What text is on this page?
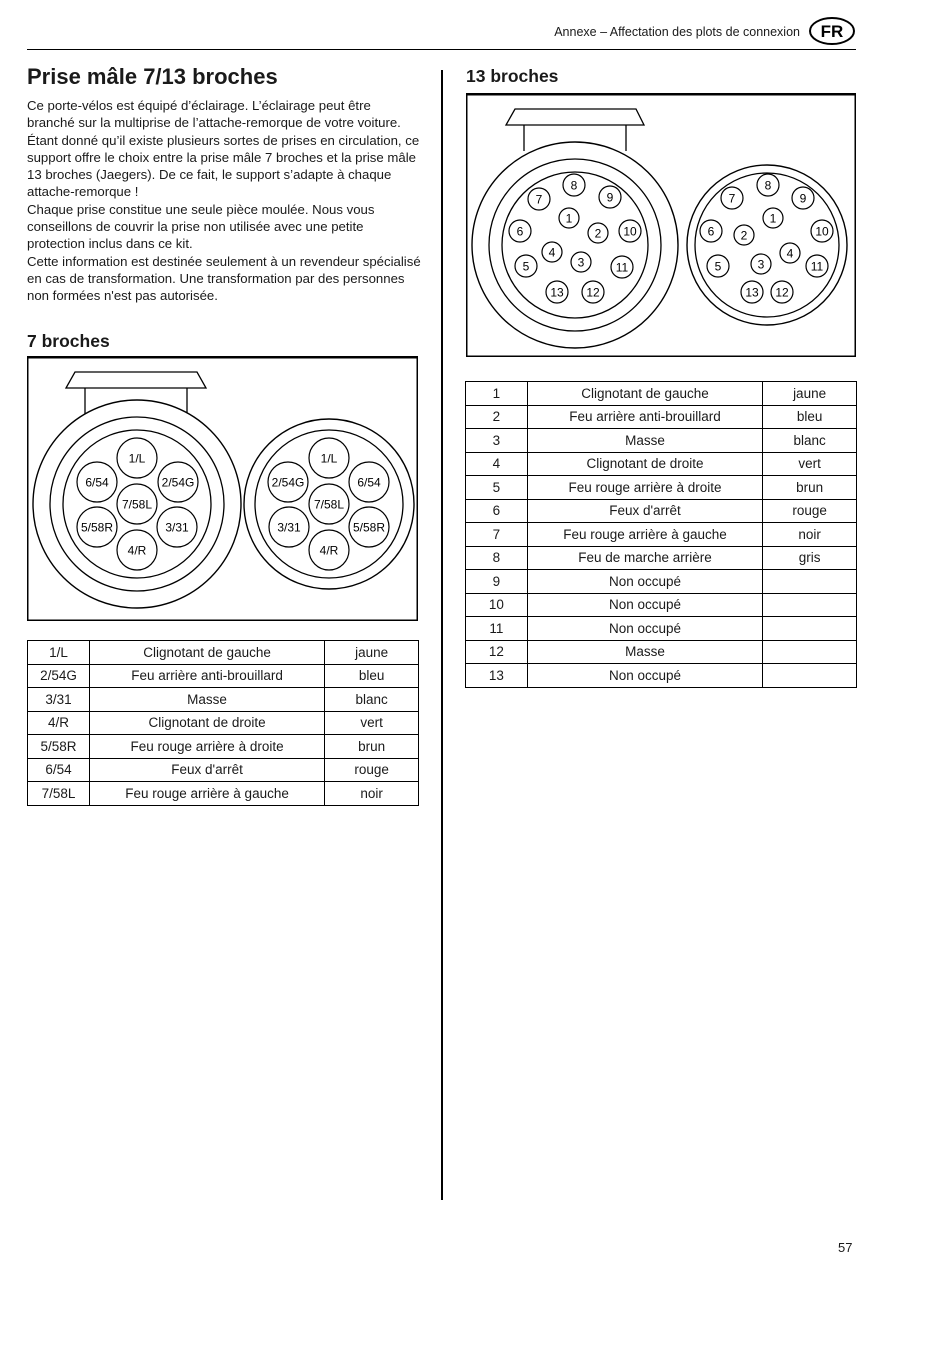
Annexe – Affectation des plots de connexion FR
Prise mâle 7/13 broches

Ce porte-vélos est équipé d’éclairage. L’éclairage peut être branché sur la multiprise de l’attache-remorque de votre voiture. Étant donné qu’il existe plusieurs sortes de prises en circulation, ce support offre le choix entre la prise mâle 7 broches et la prise mâle 13 broches (Jaegers). De ce fait, le support s’adapte à chaque attache-remorque !

Chaque prise constitue une seule pièce moulée. Nous vous conseillons de couvrir la prise non utilisée avec une petite protection inclus dans ce kit.

Cette information est destinée seulement à un revendeur spécialisé en cas de transformation. Une transformation par des personnes non formées n'est pas autorisée.

7 broches
7/58L
1/L
2/54G
3/31
4/R
5/58R
6/54
7/58L
1/L
6/54
5/58R
4/R
3/31
2/54G
1/L	Clignotant de gauche	jaune
2/54G	Feu arrière anti-brouillard	bleu
3/31	Masse	blanc
4/R	Clignotant de droite	vert
5/58R	Feu rouge arrière à droite	brun
6/54	Feux d'arrêt	rouge
7/58L	Feu rouge arrière à gauche	noir
13 broches
1
2
3
4
8
9
10
11
12
13
5
6
7
1
2
3
4
8
7
6
5
13 12
11
10
9
1	Clignotant de gauche	jaune
2	Feu arrière anti-brouillard	bleu
3	Masse	blanc
4	Clignotant de droite	vert
5	Feu rouge arrière à droite	brun
6	Feux d'arrêt	rouge
7	Feu rouge arrière à gauche	noir
8	Feu de marche arrière	gris
9	Non occupé	
10	Non occupé	
11	Non occupé	
12	Masse	
13	Non occupé	
57
